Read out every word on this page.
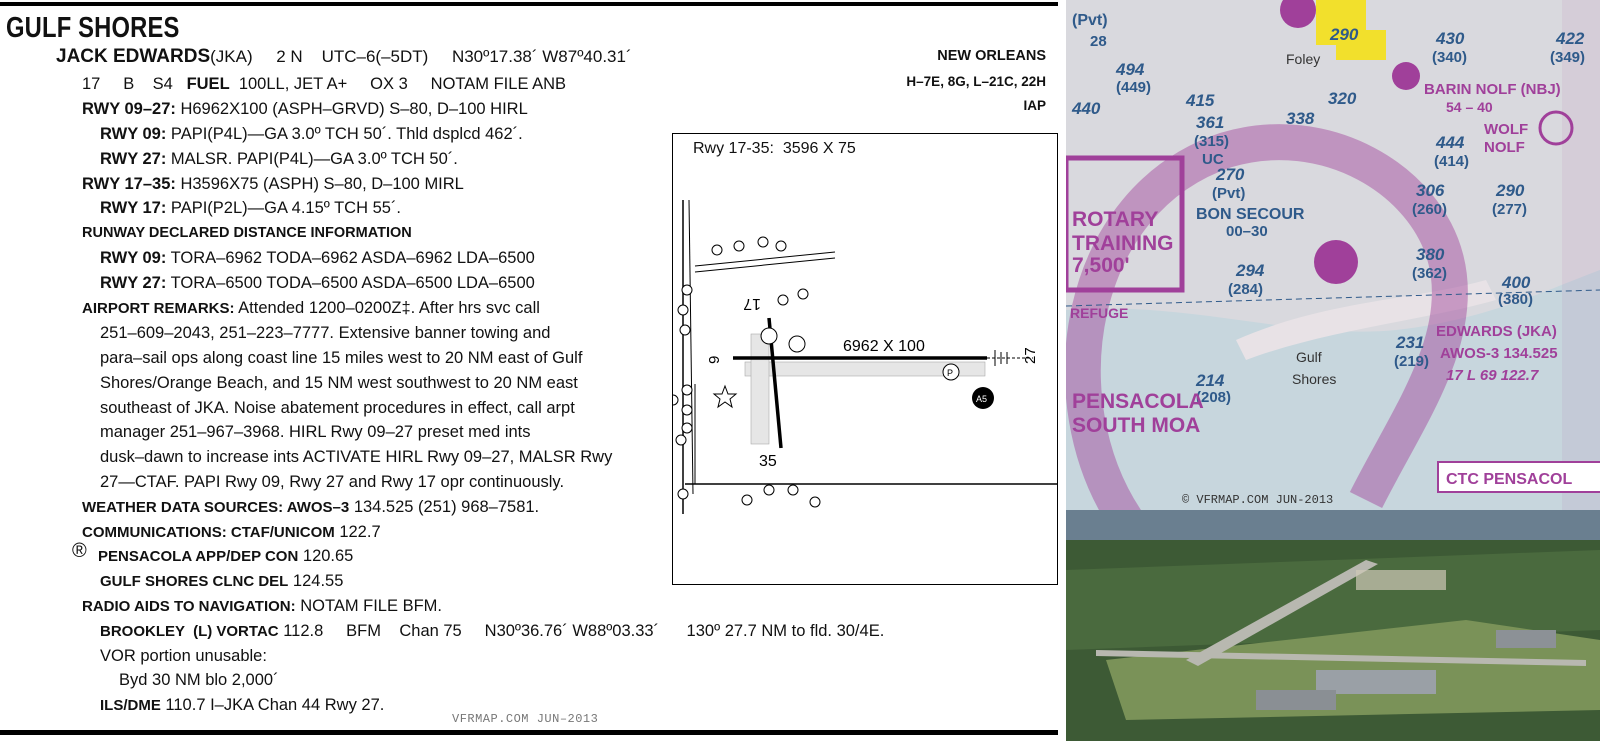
GULF SHORES
JACK EDWARDS(JKA)     2 N    UTC–6(–5DT)     N30º17.38´ W87º40.31´	NEW ORLEANS
H–7E, 8G, L–21C, 22H
IAP
17     B    S4   FUEL  100LL, JET A+     OX 3     NOTAM FILE ANB
RWY 09–27: H6962X100 (ASPH–GRVD) S–80, D–100 HIRL
RWY 09: PAPI(P4L)—GA 3.0º TCH 50´. Thld dsplcd 462´.
RWY 27: MALSR. PAPI(P4L)—GA 3.0º TCH 50´.
RWY 17–35: H3596X75 (ASPH) S–80, D–100 MIRL
RWY 17: PAPI(P2L)—GA 4.15º TCH 55´.
RUNWAY DECLARED DISTANCE INFORMATION
RWY 09: TORA–6962 TODA–6962 ASDA–6962 LDA–6500
RWY 27: TORA–6500 TODA–6500 ASDA–6500 LDA–6500
AIRPORT REMARKS: Attended 1200–0200Z‡. After hrs svc call
251–609–2043, 251–223–7777. Extensive banner towing and
para–sail ops along coast line 15 miles west to 20 NM east of Gulf
Shores/Orange Beach, and 15 NM west southwest to 20 NM east
southeast of JKA. Noise abatement procedures in effect, call arpt
manager 251–967–3968. HIRL Rwy 09–27 preset med ints
dusk–dawn to increase ints ACTIVATE HIRL Rwy 09–27, MALSR Rwy
27—CTAF. PAPI Rwy 09, Rwy 27 and Rwy 17 opr continuously.
WEATHER DATA SOURCES: AWOS–3 134.525 (251) 968–7581.
COMMUNICATIONS: CTAF/UNICOM 122.7
® PENSACOLA APP/DEP CON 120.65
GULF SHORES CLNC DEL 124.55
RADIO AIDS TO NAVIGATION: NOTAM FILE BFM.
BROOKLEY  (L) VORTAC 112.8     BFM    Chan 75     N30º36.76´ W88º03.33´      130º 27.7 NM to fld. 30/4E.
VOR portion unusable:
Byd 30 NM blo 2,000´
ILS/DME 110.7 I–JKA Chan 44 Rwy 27.
VFRMAP.COM JUN–2013
Rwy 17-35:  3596 X 75
6962 X 100
9	27
17
35
A5
P
(Pvt)
28
494
(449)
440	415
361
(315)
UC
270
(Pvt)
BON SECOUR
00–30
294
(284)
214
(208)
Gulf
Shores
338
320
290
Foley
430
(340)
422
(349)
BARIN NOLF (NBJ)
54 – 40
WOLF
NOLF
444
(414)
306
(260)
290
(277)
380
(362)	400
(380)
231
(219)
EDWARDS (JKA)
AWOS-3 134.525
17 L 69 122.7
ROTARY
TRAINING
7,500'
REFUGE
PENSACOLA
SOUTH MOA
CTC PENSACOL
© VFRMAP.COM JUN-2013
